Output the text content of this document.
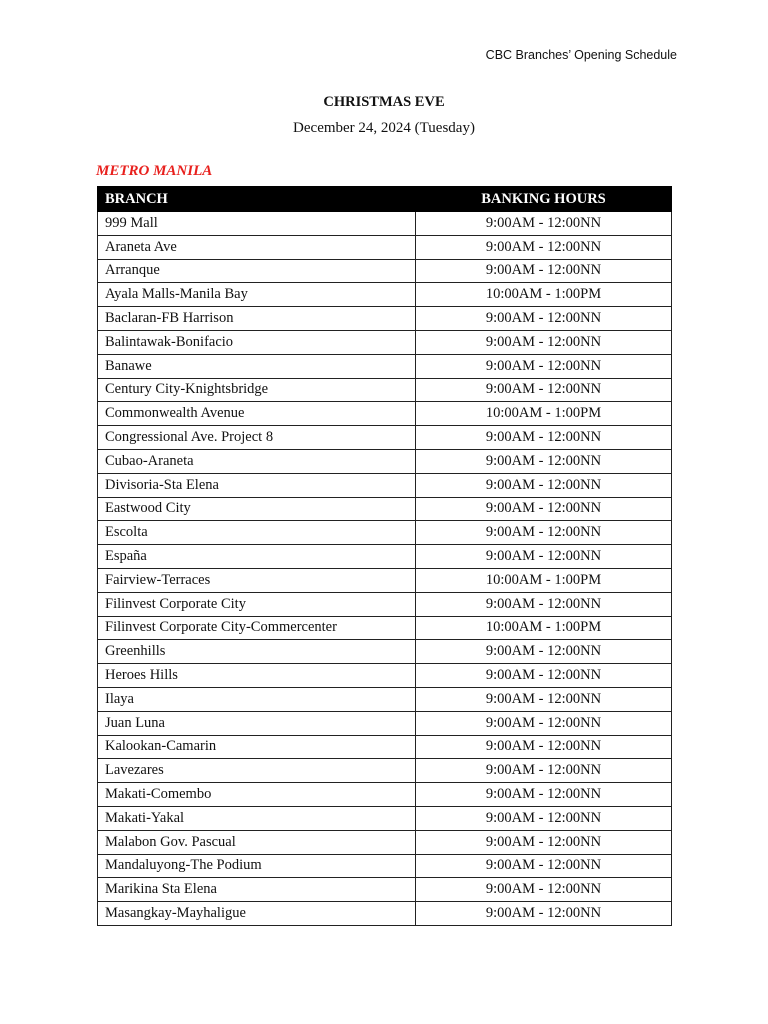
CBC Branches’ Opening Schedule
CHRISTMAS EVE
December 24, 2024 (Tuesday)
METRO MANILA
BRANCH	BANKING HOURS
999 Mall	9:00AM - 12:00NN
Araneta Ave	9:00AM - 12:00NN
Arranque	9:00AM - 12:00NN
Ayala Malls-Manila Bay	10:00AM - 1:00PM
Baclaran-FB Harrison	9:00AM - 12:00NN
Balintawak-Bonifacio	9:00AM - 12:00NN
Banawe	9:00AM - 12:00NN
Century City-Knightsbridge	9:00AM - 12:00NN
Commonwealth Avenue	10:00AM - 1:00PM
Congressional Ave. Project 8	9:00AM - 12:00NN
Cubao-Araneta	9:00AM - 12:00NN
Divisoria-Sta Elena	9:00AM - 12:00NN
Eastwood City	9:00AM - 12:00NN
Escolta	9:00AM - 12:00NN
España	9:00AM - 12:00NN
Fairview-Terraces	10:00AM - 1:00PM
Filinvest Corporate City	9:00AM - 12:00NN
Filinvest Corporate City-Commercenter	10:00AM - 1:00PM
Greenhills	9:00AM - 12:00NN
Heroes Hills	9:00AM - 12:00NN
Ilaya	9:00AM - 12:00NN
Juan Luna	9:00AM - 12:00NN
Kalookan-Camarin	9:00AM - 12:00NN
Lavezares	9:00AM - 12:00NN
Makati-Comembo	9:00AM - 12:00NN
Makati-Yakal	9:00AM - 12:00NN
Malabon Gov. Pascual	9:00AM - 12:00NN
Mandaluyong-The Podium	9:00AM - 12:00NN
Marikina Sta Elena	9:00AM - 12:00NN
Masangkay-Mayhaligue	9:00AM - 12:00NN
